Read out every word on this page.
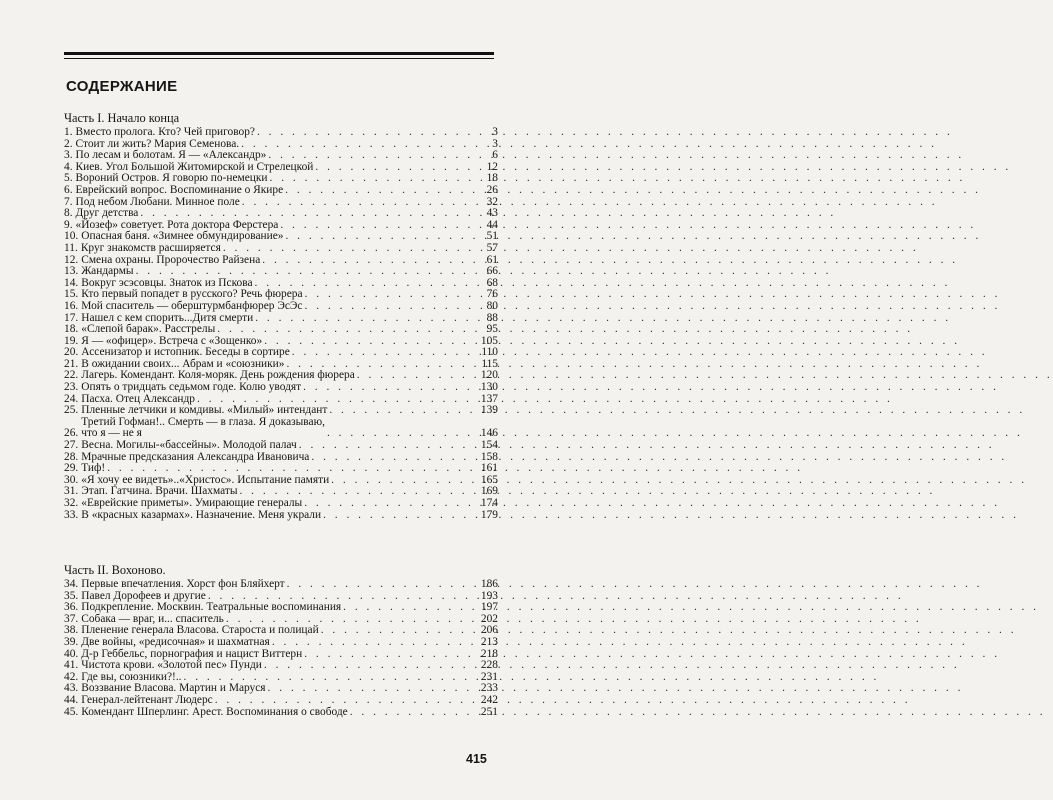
СОДЕРЖАНИЕ
Часть I. Начало конца
1. Вместо пролога. Кто? Чей приговор? . . .	3
2. Стоит ли жить? Мария Семенова. . . .	3
3. По лесам и болотам. Я — «Александр» . . .	6
4. Киев. Угол Большой Житомирской и Стрелецкой . . .	12
5. Вороний Остров. Я говорю по-немецки . . .	18
6. Еврейский вопрос. Воспоминание о Якире . . .	26
7. Под небом Любани. Минное поле . . .	32
8. Друг детства . . .	43
9. «Йозеф» советует. Рота доктора Ферстера . . .	44
10. Опасная баня. «Зимнее обмундирование» . . .	51
11. Круг знакомств расширяется . . .	57
12. Смена охраны. Пророчество Райзена . . .	61
13. Жандармы . . .	66
14. Вокруг эсэсовцы. Знаток из Пскова . . .	68
15. Кто первый попадет в русского? Речь фюрера . . .	76
16. Мой спаситель — оберштурмбанфюрер ЭсЭс . . .	80
17. Нашел с кем спорить...Дитя смерти . . .	88
18. «Слепой барак». Расстрелы . . .	95
19. Я — «офицер». Встреча с «Зощенко» . . .	105
20. Ассенизатор и истопник. Беседы в сортире . . .	110
21. В ожидании своих... Абрам и «союзники» . . .	115
22. Лагерь. Комендант. Коля-моряк. День рождения фюрера . . .	120
23. Опять о тридцать седьмом годе. Колю уводят . . .	130
24. Пасха. Отец Александр . . .	137
25. Пленные летчики и комдивы. «Милый» интендант . . .	139
26.
Третий Гофман!.. Смерть — в глаза. Я доказываю,
что я — не я . . .	146
27. Весна. Могилы-«бассейны». Молодой палач . . .	154
28. Мрачные предсказания Александра Ивановича . . .	158
29. Тиф! . . .	161
30. «Я хочу ее видеть»..«Христос». Испытание памяти . . .	165
31. Этап. Гатчина. Врачи. Шахматы . . .	169
32. «Еврейские приметы». Умирающие генералы . . .	174
33. В «красных казармах». Назначение. Меня украли . . .	179
Часть II. Вохоново.
34. Первые впечатления. Хорст фон Бляйхерт . . .	186
35. Павел Дорофеев и другие . . .	193
36. Подкрепление. Москвин. Театральные воспоминания . . .	197
37. Собака — враг, и... спаситель . . .	202
38. Пленение генерала Власова. Староста и полицай . . .	206
39. Две войны, «редисочная» и шахматная . . .	213
40. Д-р Геббельс, порнография и нацист Виттерн . . .	218
41. Чистота крови. «Золотой пес» Пунди . . .	228
42. Где вы, союзники?!.. . . .	231
43. Воззвание Власова. Мартин и Маруся . . .	233
44. Генерал-лейтенант Людерс . . .	242
45. Комендант Шперлинг. Арест. Воспоминания о свободе . . .	251
415
